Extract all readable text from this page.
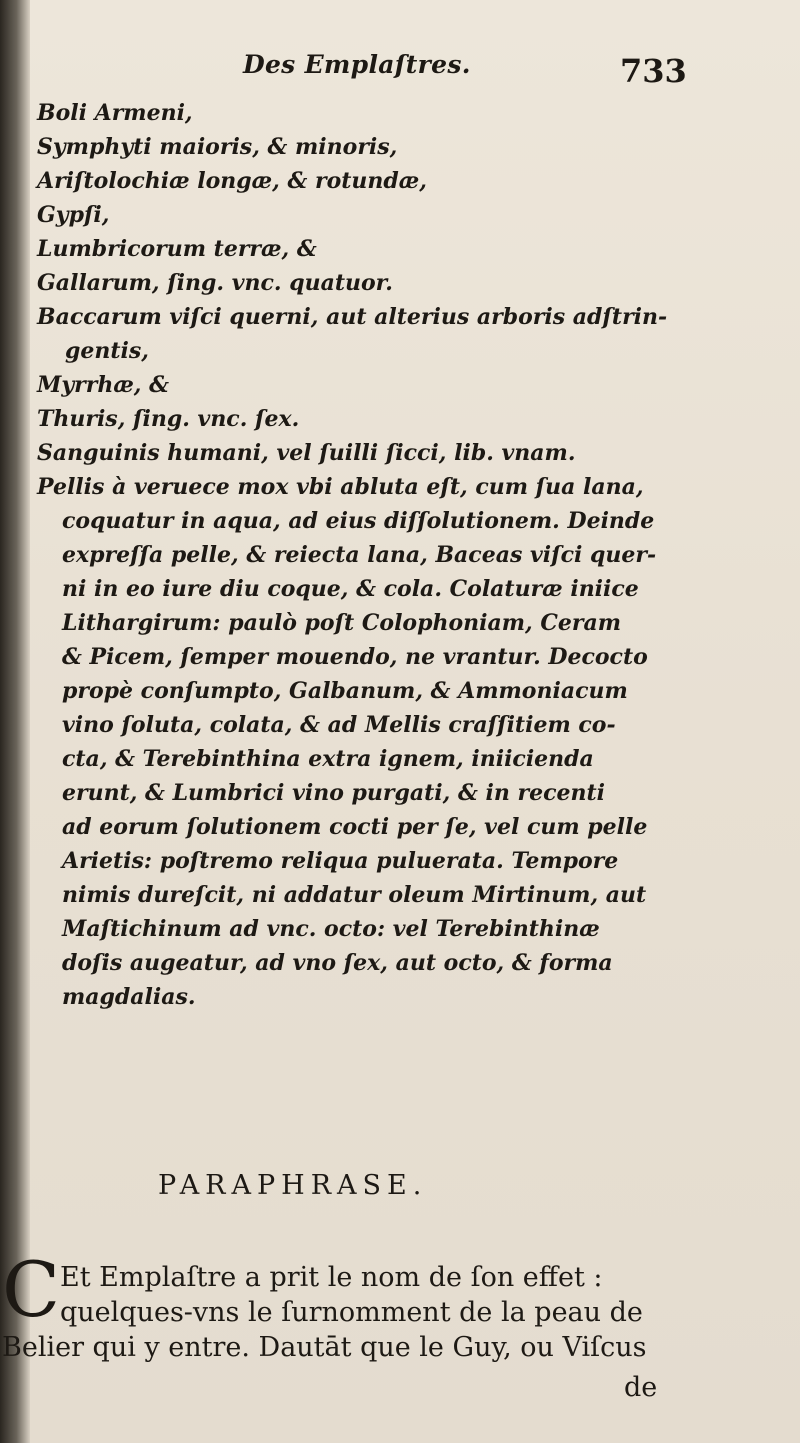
Des Emplaſtres.	733
Boli Armeni,
Symphyti maioris, & minoris,
Ariſtolochiæ longæ, & rotundæ,
Gypſi,
Lumbricorum terræ, &
Gallarum, ſing. vnc. quatuor.
Baccarum viſci querni, aut alterius arboris adſtrin-
gentis,
Myrrhæ, &
Thuris, ſing. vnc. ſex.
Sanguinis humani, vel ſuilli ſicci, lib. vnam.
Pellis à veruece mox vbi abluta eſt, cum ſua lana,
coquatur in aqua, ad eius diſſolutionem. Deinde
expreſſa pelle, & reiecta lana, Baceas viſci quer-
ni in eo iure diu coque, & cola. Colaturæ iniice
Lithargirum: paulò poſt Colophoniam, Ceram
& Picem, ſemper mouendo, ne vrantur. Decocto
propè conſumpto, Galbanum, & Ammoniacum
vino ſoluta, colata, & ad Mellis craſſitiem co-
cta, & Terebinthina extra ignem, iniicienda
erunt, & Lumbrici vino purgati, & in recenti
ad eorum ſolutionem cocti per ſe, vel cum pelle
Arietis: poſtremo reliqua puluerata. Tempore
nimis dureſcit, ni addatur oleum Mirtinum, aut
Maſtichinum ad vnc. octo: vel Terebinthinæ
doſis augeatur, ad vno ſex, aut octo, & forma
magdalias.
PARAPHRASE.
C Et Emplaſtre a prit le nom de ſon effet :
quelques-vns le ſurnomment de la peau de
Belier qui y entre. Dautāt que le Guy, ou Viſcus
de
